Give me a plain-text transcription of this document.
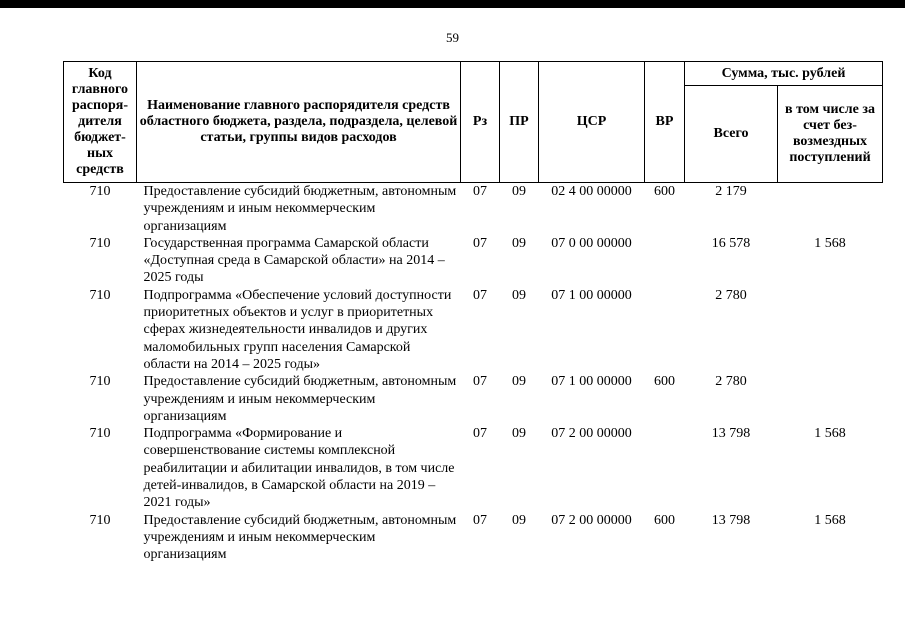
59
Код главного распоря-дителя бюджет-ных средств	Наименование главного распорядителя средств областного бюджета, раздела, подраздела, целевой статьи, группы видов расходов	Рз	ПР	ЦСР	ВР	Сумма, тыс. рублей	
						Всего	в том числе за счет без-возмездных поступлений
710	Предоставление субсидий бюджетным, автономным учреждениям и иным некоммерческим организациям	07	09	02 4 00 00000	600	2 179	
710	Государственная программа Самарской области «Доступная среда в Самарской области» на 2014 – 2025 годы	07	09	07 0 00 00000		16 578	1 568
710	Подпрограмма «Обеспечение условий доступности приоритетных объектов и услуг в приоритетных сферах жизнедеятельности инвалидов и других маломобильных групп населения Самарской области на 2014 – 2025 годы»	07	09	07 1 00 00000		2 780	
710	Предоставление субсидий бюджетным, автономным учреждениям и иным некоммерческим организациям	07	09	07 1 00 00000	600	2 780	
710	Подпрограмма «Формирование и совершенствование системы комплексной реабилитации и абилитации инвалидов, в том числе детей-инвалидов, в Самарской области на 2019 – 2021 годы»	07	09	07 2 00 00000		13 798	1 568
710	Предоставление субсидий бюджетным, автономным учреждениям и иным некоммерческим организациям	07	09	07 2 00 00000	600	13 798	1 568
